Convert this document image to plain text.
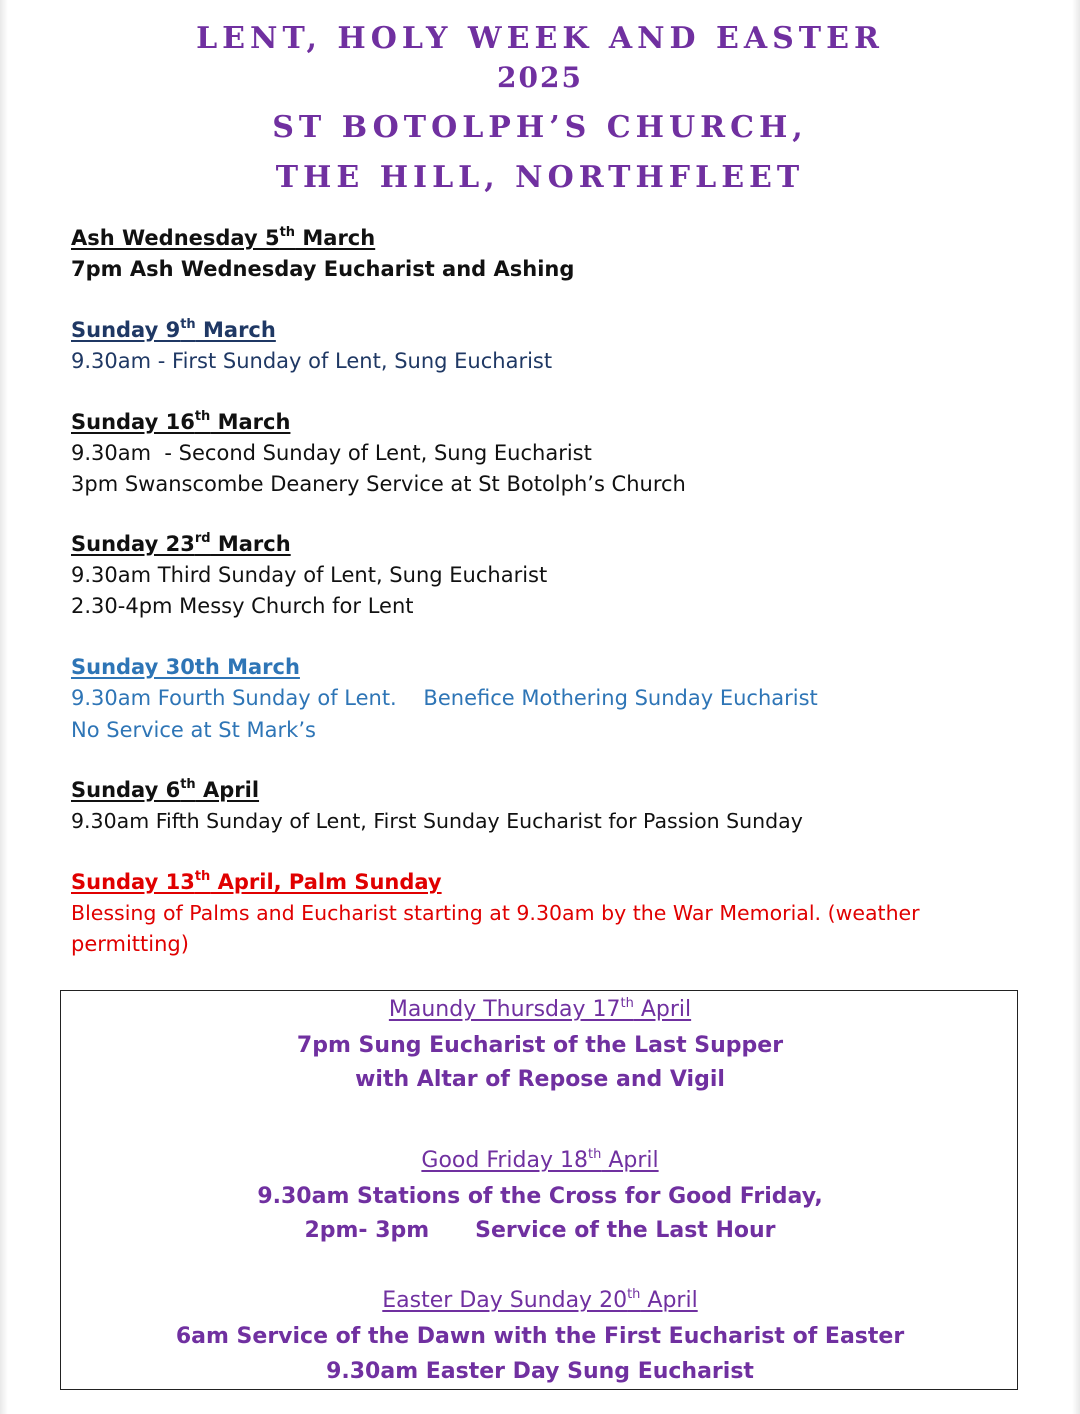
LENT, HOLY WEEK AND EASTER
2025
ST BOTOLPH’S CHURCH,
THE HILL, NORTHFLEET
Ash Wednesday 5th March
7pm Ash Wednesday Eucharist and Ashing
Sunday 9th March
9.30am - First Sunday of Lent, Sung Eucharist
Sunday 16th March
9.30am  - Second Sunday of Lent, Sung Eucharist
3pm Swanscombe Deanery Service at St Botolph’s Church
Sunday 23rd March
9.30am Third Sunday of Lent, Sung Eucharist
2.30-4pm Messy Church for Lent
Sunday 30th March
9.30am Fourth Sunday of Lent.    Benefice Mothering Sunday Eucharist
No Service at St Mark’s
Sunday 6th April
9.30am Fifth Sunday of Lent, First Sunday Eucharist for Passion Sunday
Sunday 13th April, Palm Sunday
Blessing of Palms and Eucharist starting at 9.30am by the War Memorial. (weather
permitting)
Maundy Thursday 17th April
7pm Sung Eucharist of the Last Supper
with Altar of Repose and Vigil
Good Friday 18th April
9.30am Stations of the Cross for Good Friday,
2pm- 3pm      Service of the Last Hour
Easter Day Sunday 20th April
6am Service of the Dawn with the First Eucharist of Easter
9.30am Easter Day Sung Eucharist
